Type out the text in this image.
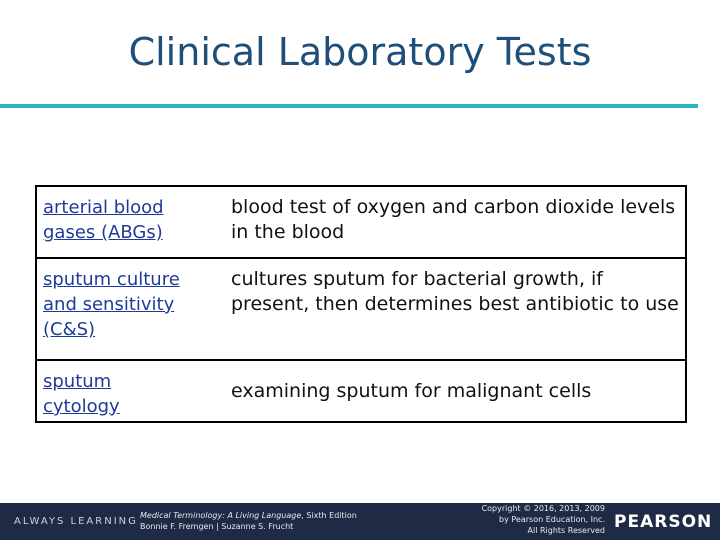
Clinical Laboratory Tests
arterial blood
gases (ABGs)	blood test of oxygen and carbon dioxide levels in the blood

sputum culture
and sensitivity
(C&S)	cultures sputum for bacterial growth, if present, then determines best antibiotic to use

sputum
cytology	examining sputum for malignant cells
ALWAYS LEARNING
Medical Terminology: A Living Language, Sixth Edition
Bonnie F. Fremgen | Suzanne S. Frucht
Copyright © 2016, 2013, 2009
by Pearson Education, Inc.
All Rights Reserved PEARSON
